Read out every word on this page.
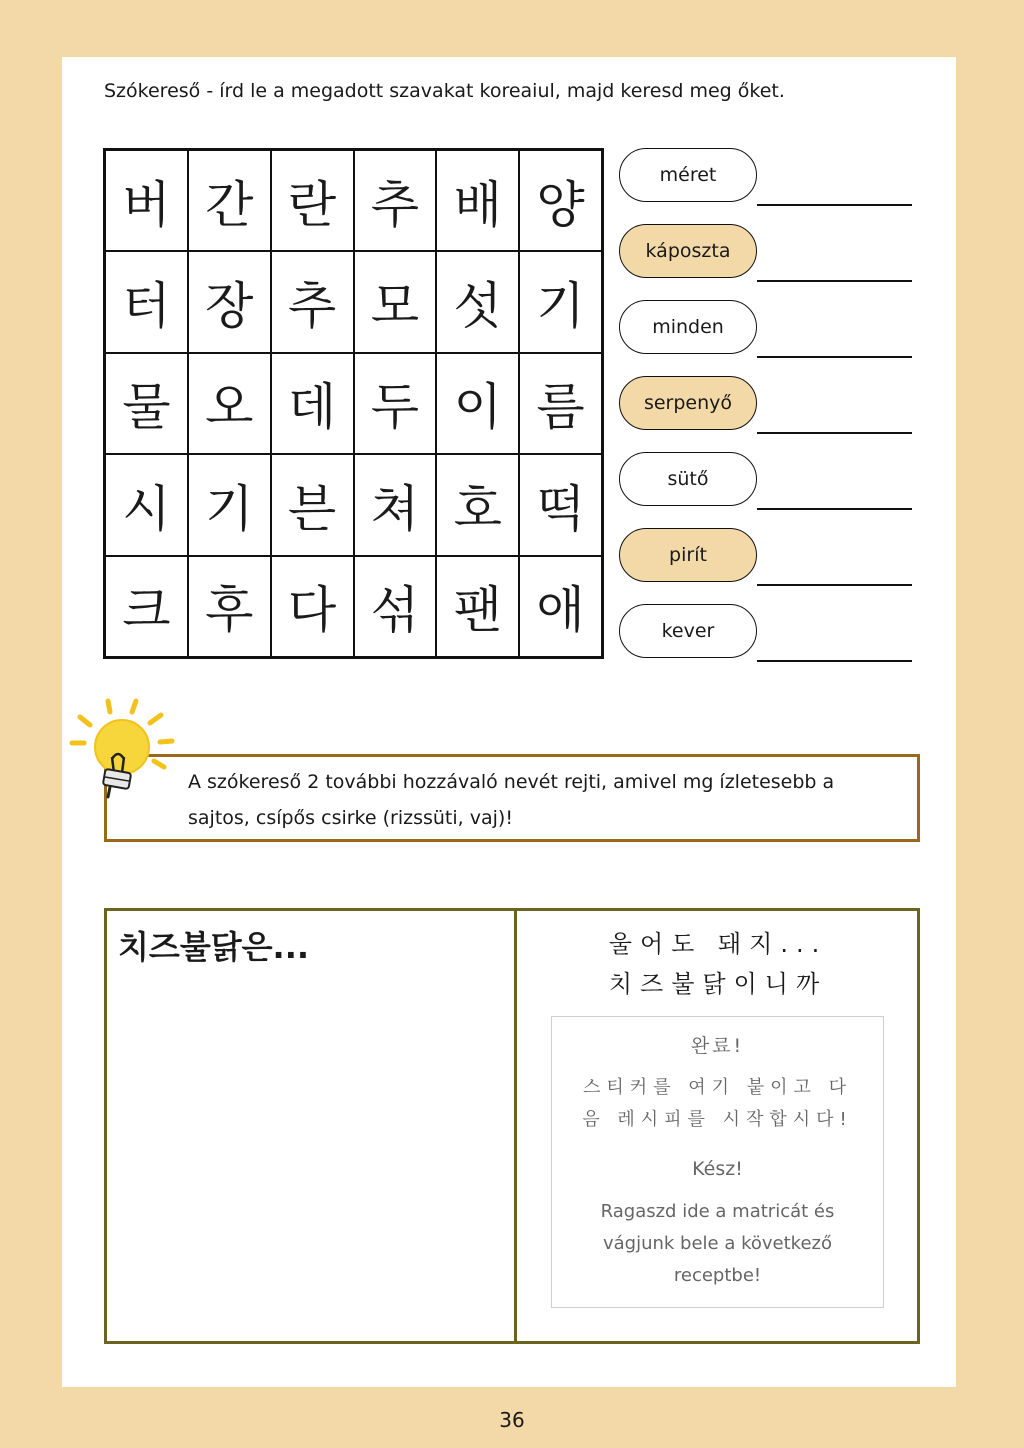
Szókereső - írd le a megadott szavakat koreaiul, majd keresd meg őket.
버 간 란 추 배 양
터 장 추 모 섯 기
물 오 데 두 이 름
시 기 븐 쳐 호 떡
크 후 다 섞 팬 애
méret
káposzta
minden
serpenyő
sütő
pirít
kever
A szókereső 2 további hozzávaló nevét rejti, amivel mg ízletesebb a
sajtos, csípős csirke (rizssüti, vaj)!
치즈불닭은...	울어도 돼지...
치즈불닭이니까
완료!
스티커를 여기 붙이고 다
음 레시피를 시작합시다!
Kész!
Ragaszd ide a matricát és vágjunk bele a következő receptbe!
36
